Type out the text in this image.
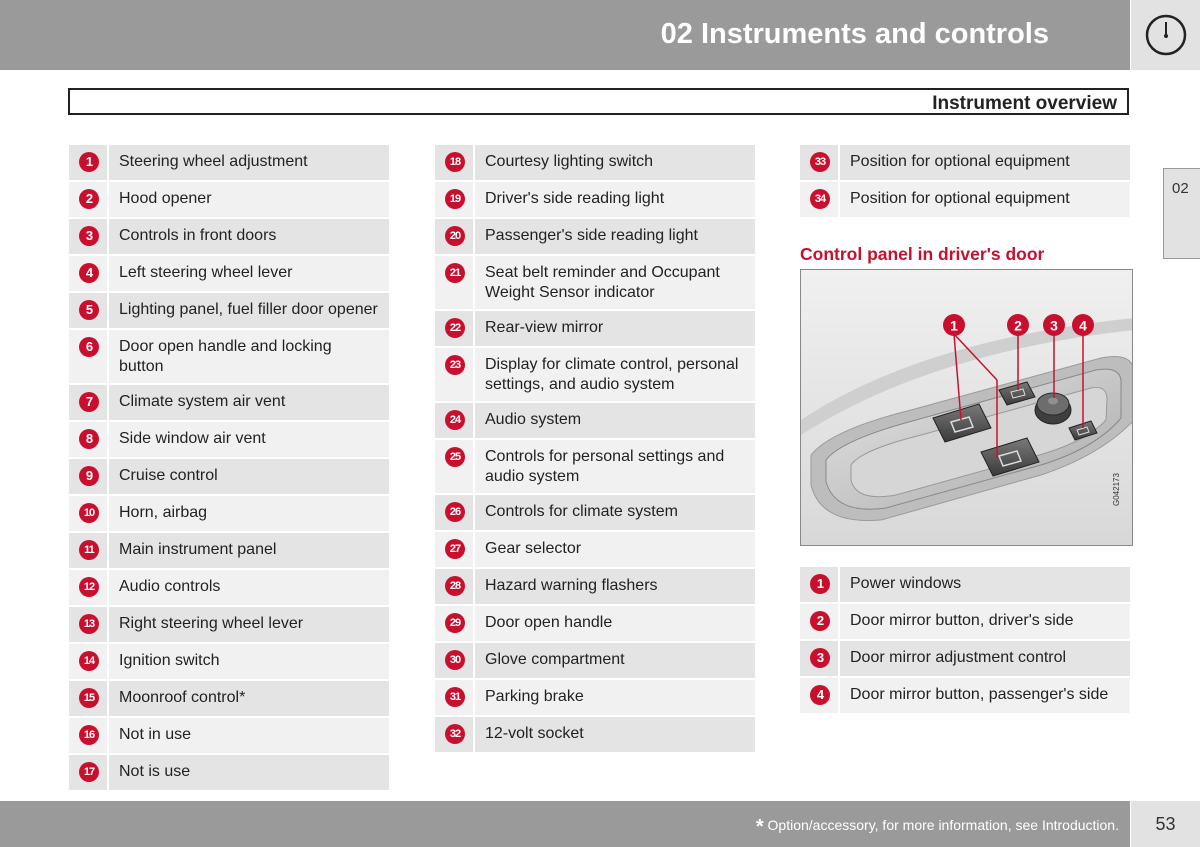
02 Instruments and controls
Instrument overview
02
1		Steering wheel adjustment

2		Hood opener

3		Controls in front doors

4		Left steering wheel lever

5		Lighting panel, fuel filler door opener

6		Door open handle and locking button

7		Climate system air vent

8		Side window air vent

9		Cruise control

10		Horn, airbag

11		Main instrument panel

12		Audio controls

13		Right steering wheel lever

14		Ignition switch

15		Moonroof control*

16		Not in use

17		Not is use
18		Courtesy lighting switch

19		Driver's side reading light

20		Passenger's side reading light

21		Seat belt reminder and Occupant Weight Sensor indicator

22		Rear-view mirror

23		Display for climate control, personal settings, and audio system

24		Audio system

25		Controls for personal settings and audio system

26		Controls for climate system

27		Gear selector

28		Hazard warning flashers

29		Door open handle

30		Glove compartment

31		Parking brake

32		12-volt socket
33		Position for optional equipment

34		Position for optional equipment
Control panel in driver's door
1	2 3 4
G042173
1		Power windows

2		Door mirror button, driver's side

3		Door mirror adjustment control

4		Door mirror button, passenger's side
* Option/accessory, for more information, see Introduction.	53
